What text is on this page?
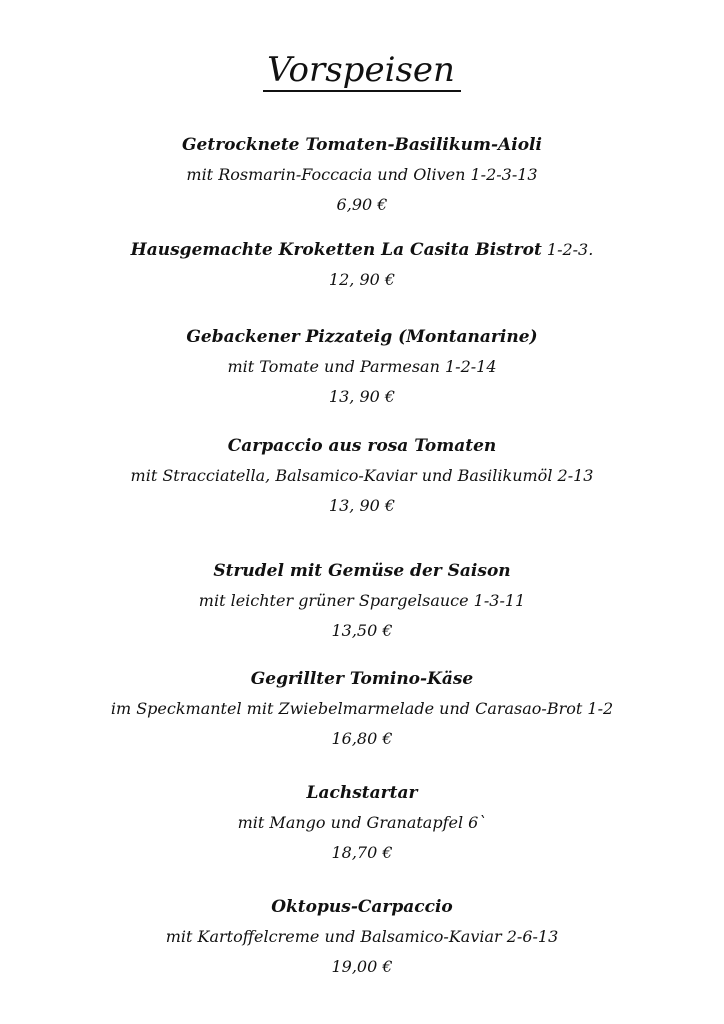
Vorspeisen
Getrocknete Tomaten-Basilikum-Aioli
mit Rosmarin-Foccacia und Oliven 1-2-3-13
6,90 €
Hausgemachte Kroketten La Casita Bistrot 1-2-3.
12, 90 €
Gebackener Pizzateig (Montanarine)
mit Tomate und Parmesan 1-2-14
13, 90 €
Carpaccio aus rosa Tomaten
mit Stracciatella, Balsamico-Kaviar und Basilikumöl 2-13
13, 90 €
Strudel mit Gemüse der Saison
mit leichter grüner Spargelsauce 1-3-11
13,50 €
Gegrillter Tomino-Käse
im Speckmantel mit Zwiebelmarmelade und Carasao-Brot 1-2
16,80 €
Lachstartar
mit Mango und Granatapfel 6`
18,70 €
Oktopus-Carpaccio
mit Kartoffelcreme und Balsamico-Kaviar 2-6-13
19,00 €
